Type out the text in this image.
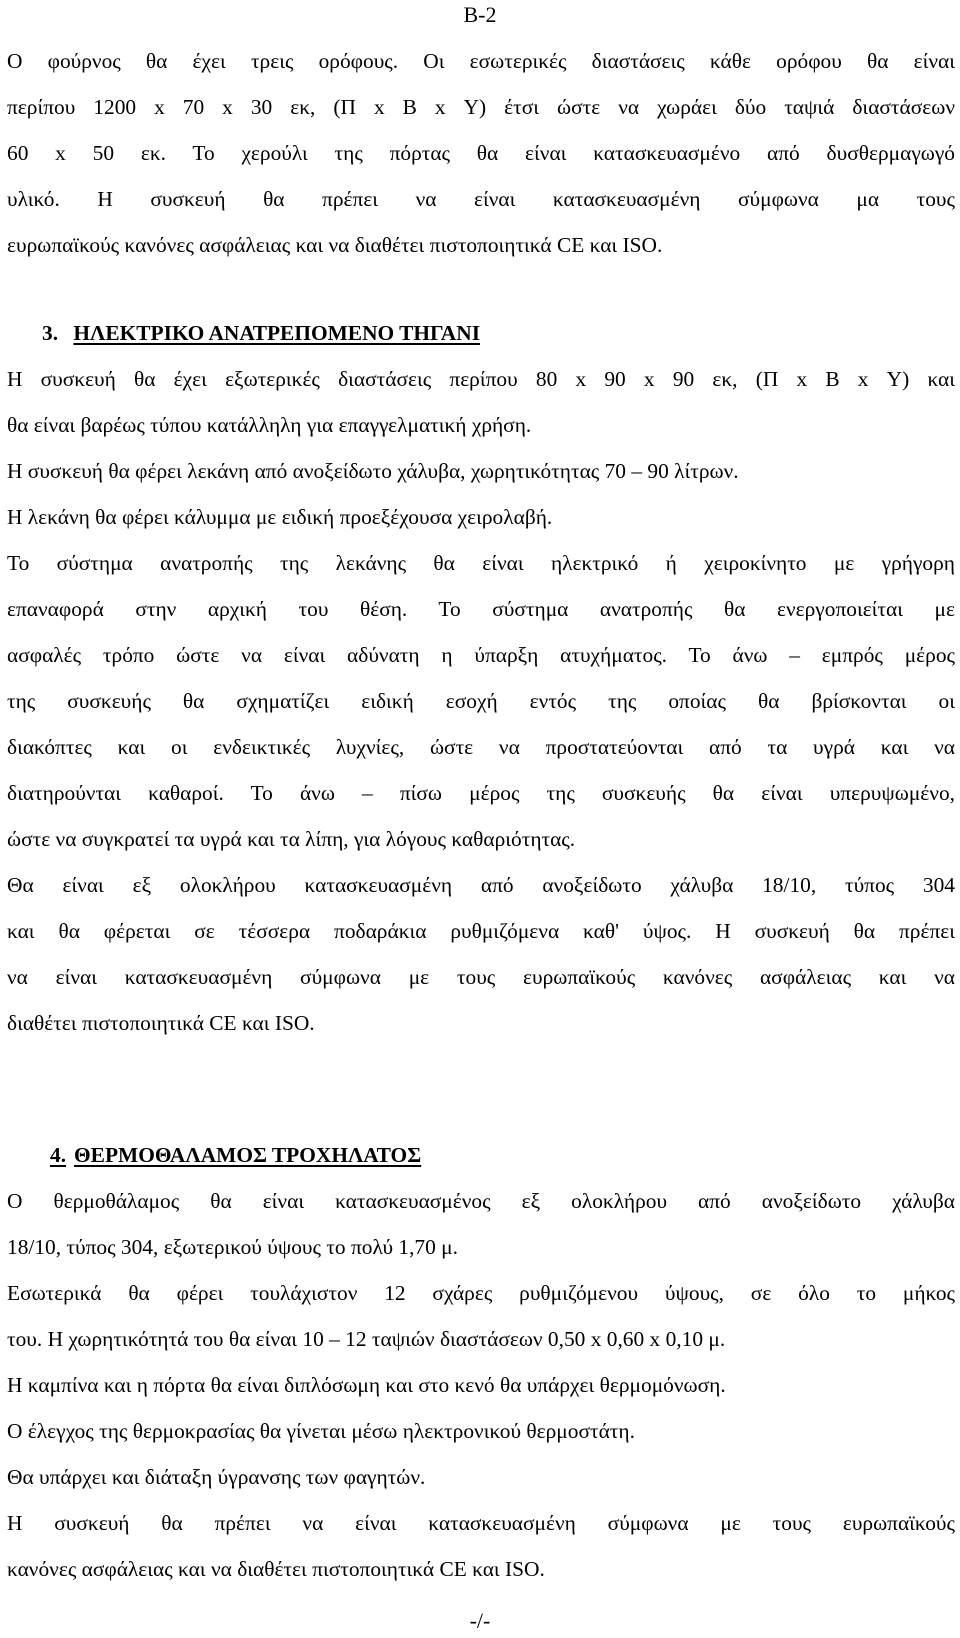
Β-2
Ο φούρνος θα έχει τρεις ορόφους. Οι εσωτερικές διαστάσεις κάθε ορόφου θα είναι
περίπου 1200 x 70 x 30 εκ, (Π x Β x Υ) έτσι ώστε να χωράει δύο ταψιά διαστάσεων
60 x 50 εκ. Το χερούλι της πόρτας θα είναι κατασκευασμένο από δυσθερμαγωγό
υλικό. Η συσκευή θα πρέπει να είναι κατασκευασμένη σύμφωνα μα τους
ευρωπαϊκούς κανόνες ασφάλειας και να διαθέτει πιστοποιητικά CE και ISO.
3. ΗΛΕΚΤΡΙΚΟ ΑΝΑΤΡΕΠΟΜΕΝΟ ΤΗΓΑΝΙ
Η συσκευή θα έχει εξωτερικές διαστάσεις περίπου 80 x 90 x 90 εκ, (Π x Β x Υ) και
θα είναι βαρέως τύπου κατάλληλη για επαγγελματική χρήση.
Η συσκευή θα φέρει λεκάνη από ανοξείδωτο χάλυβα, χωρητικότητας 70 – 90 λίτρων.
Η λεκάνη θα φέρει κάλυμμα με ειδική προεξέχουσα χειρολαβή.
Το σύστημα ανατροπής της λεκάνης θα είναι ηλεκτρικό ή χειροκίνητο με γρήγορη
επαναφορά στην αρχική του θέση. Το σύστημα ανατροπής θα ενεργοποιείται με
ασφαλές τρόπο ώστε να είναι αδύνατη η ύπαρξη ατυχήματος. Το άνω – εμπρός μέρος
της συσκευής θα σχηματίζει ειδική εσοχή εντός της οποίας θα βρίσκονται οι
διακόπτες και οι ενδεικτικές λυχνίες, ώστε να προστατεύονται από τα υγρά και να
διατηρούνται καθαροί. Το άνω – πίσω μέρος της συσκευής θα είναι υπερυψωμένο,
ώστε να συγκρατεί τα υγρά και τα λίπη, για λόγους καθαριότητας.
Θα είναι εξ ολοκλήρου κατασκευασμένη από ανοξείδωτο χάλυβα 18/10, τύπος 304
και θα φέρεται σε τέσσερα ποδαράκια ρυθμιζόμενα καθ' ύψος. Η συσκευή θα πρέπει
να είναι κατασκευασμένη σύμφωνα με τους ευρωπαϊκούς κανόνες ασφάλειας και να
διαθέτει πιστοποιητικά CE και ISO.
4. ΘΕΡΜΟΘΑΛΑΜΟΣ ΤΡΟΧΗΛΑΤΟΣ
Ο θερμοθάλαμος θα είναι κατασκευασμένος εξ ολοκλήρου από ανοξείδωτο χάλυβα
18/10, τύπος 304, εξωτερικού ύψους το πολύ 1,70 μ.
Εσωτερικά θα φέρει τουλάχιστον 12 σχάρες ρυθμιζόμενου ύψους, σε όλο το μήκος
του. Η χωρητικότητά του θα είναι 10 – 12 ταψιών διαστάσεων 0,50 x 0,60 x 0,10 μ.
Η καμπίνα και η πόρτα θα είναι διπλόσωμη και στο κενό θα υπάρχει θερμομόνωση.
Ο έλεγχος της θερμοκρασίας θα γίνεται μέσω ηλεκτρονικού θερμοστάτη.
Θα υπάρχει και διάταξη ύγρανσης των φαγητών.
Η συσκευή θα πρέπει να είναι κατασκευασμένη σύμφωνα με τους ευρωπαϊκούς
κανόνες ασφάλειας και να διαθέτει πιστοποιητικά CE και ISO.
-/-
